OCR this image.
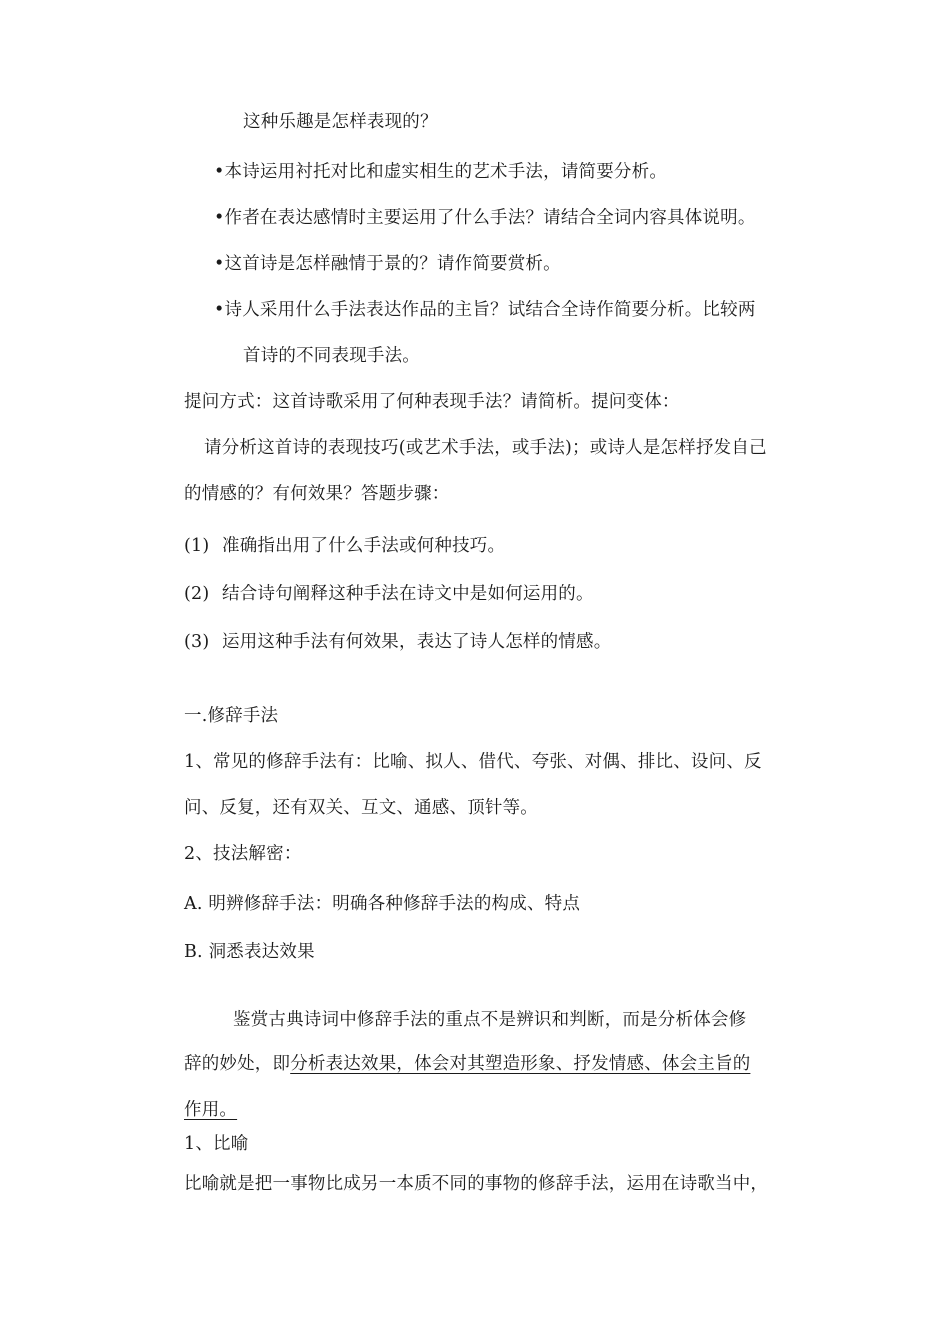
这种乐趣是怎样表现的？
•本诗运用衬托对比和虚实相生的艺术手法，请简要分析。
•作者在表达感情时主要运用了什么手法？请结合全词内容具体说明。
•这首诗是怎样融情于景的？请作简要赏析。
•诗人采用什么手法表达作品的主旨？试结合全诗作简要分析。比较两
首诗的不同表现手法。
提问方式：这首诗歌采用了何种表现手法？请简析。提问变体：
请分析这首诗的表现技巧(或艺术手法，或手法)；或诗人是怎样抒发自己
的情感的？有何效果？答题步骤：
(1) 准确指出用了什么手法或何种技巧。
(2) 结合诗句阐释这种手法在诗文中是如何运用的。
(3) 运用这种手法有何效果，表达了诗人怎样的情感。
一.修辞手法
1、常见的修辞手法有：比喻、拟人、借代、夸张、对偶、排比、设问、反
问、反复，还有双关、互文、通感、顶针等。
2、技法解密：
A. 明辨修辞手法：明确各种修辞手法的构成、特点
B. 洞悉表达效果
鉴赏古典诗词中修辞手法的重点不是辨识和判断，而是分析体会修
辞的妙处，即分析表达效果，体会对其塑造形象、抒发情感、体会主旨的
作用。
1、比喻
比喻就是把一事物比成另一本质不同的事物的修辞手法，运用在诗歌当中，
